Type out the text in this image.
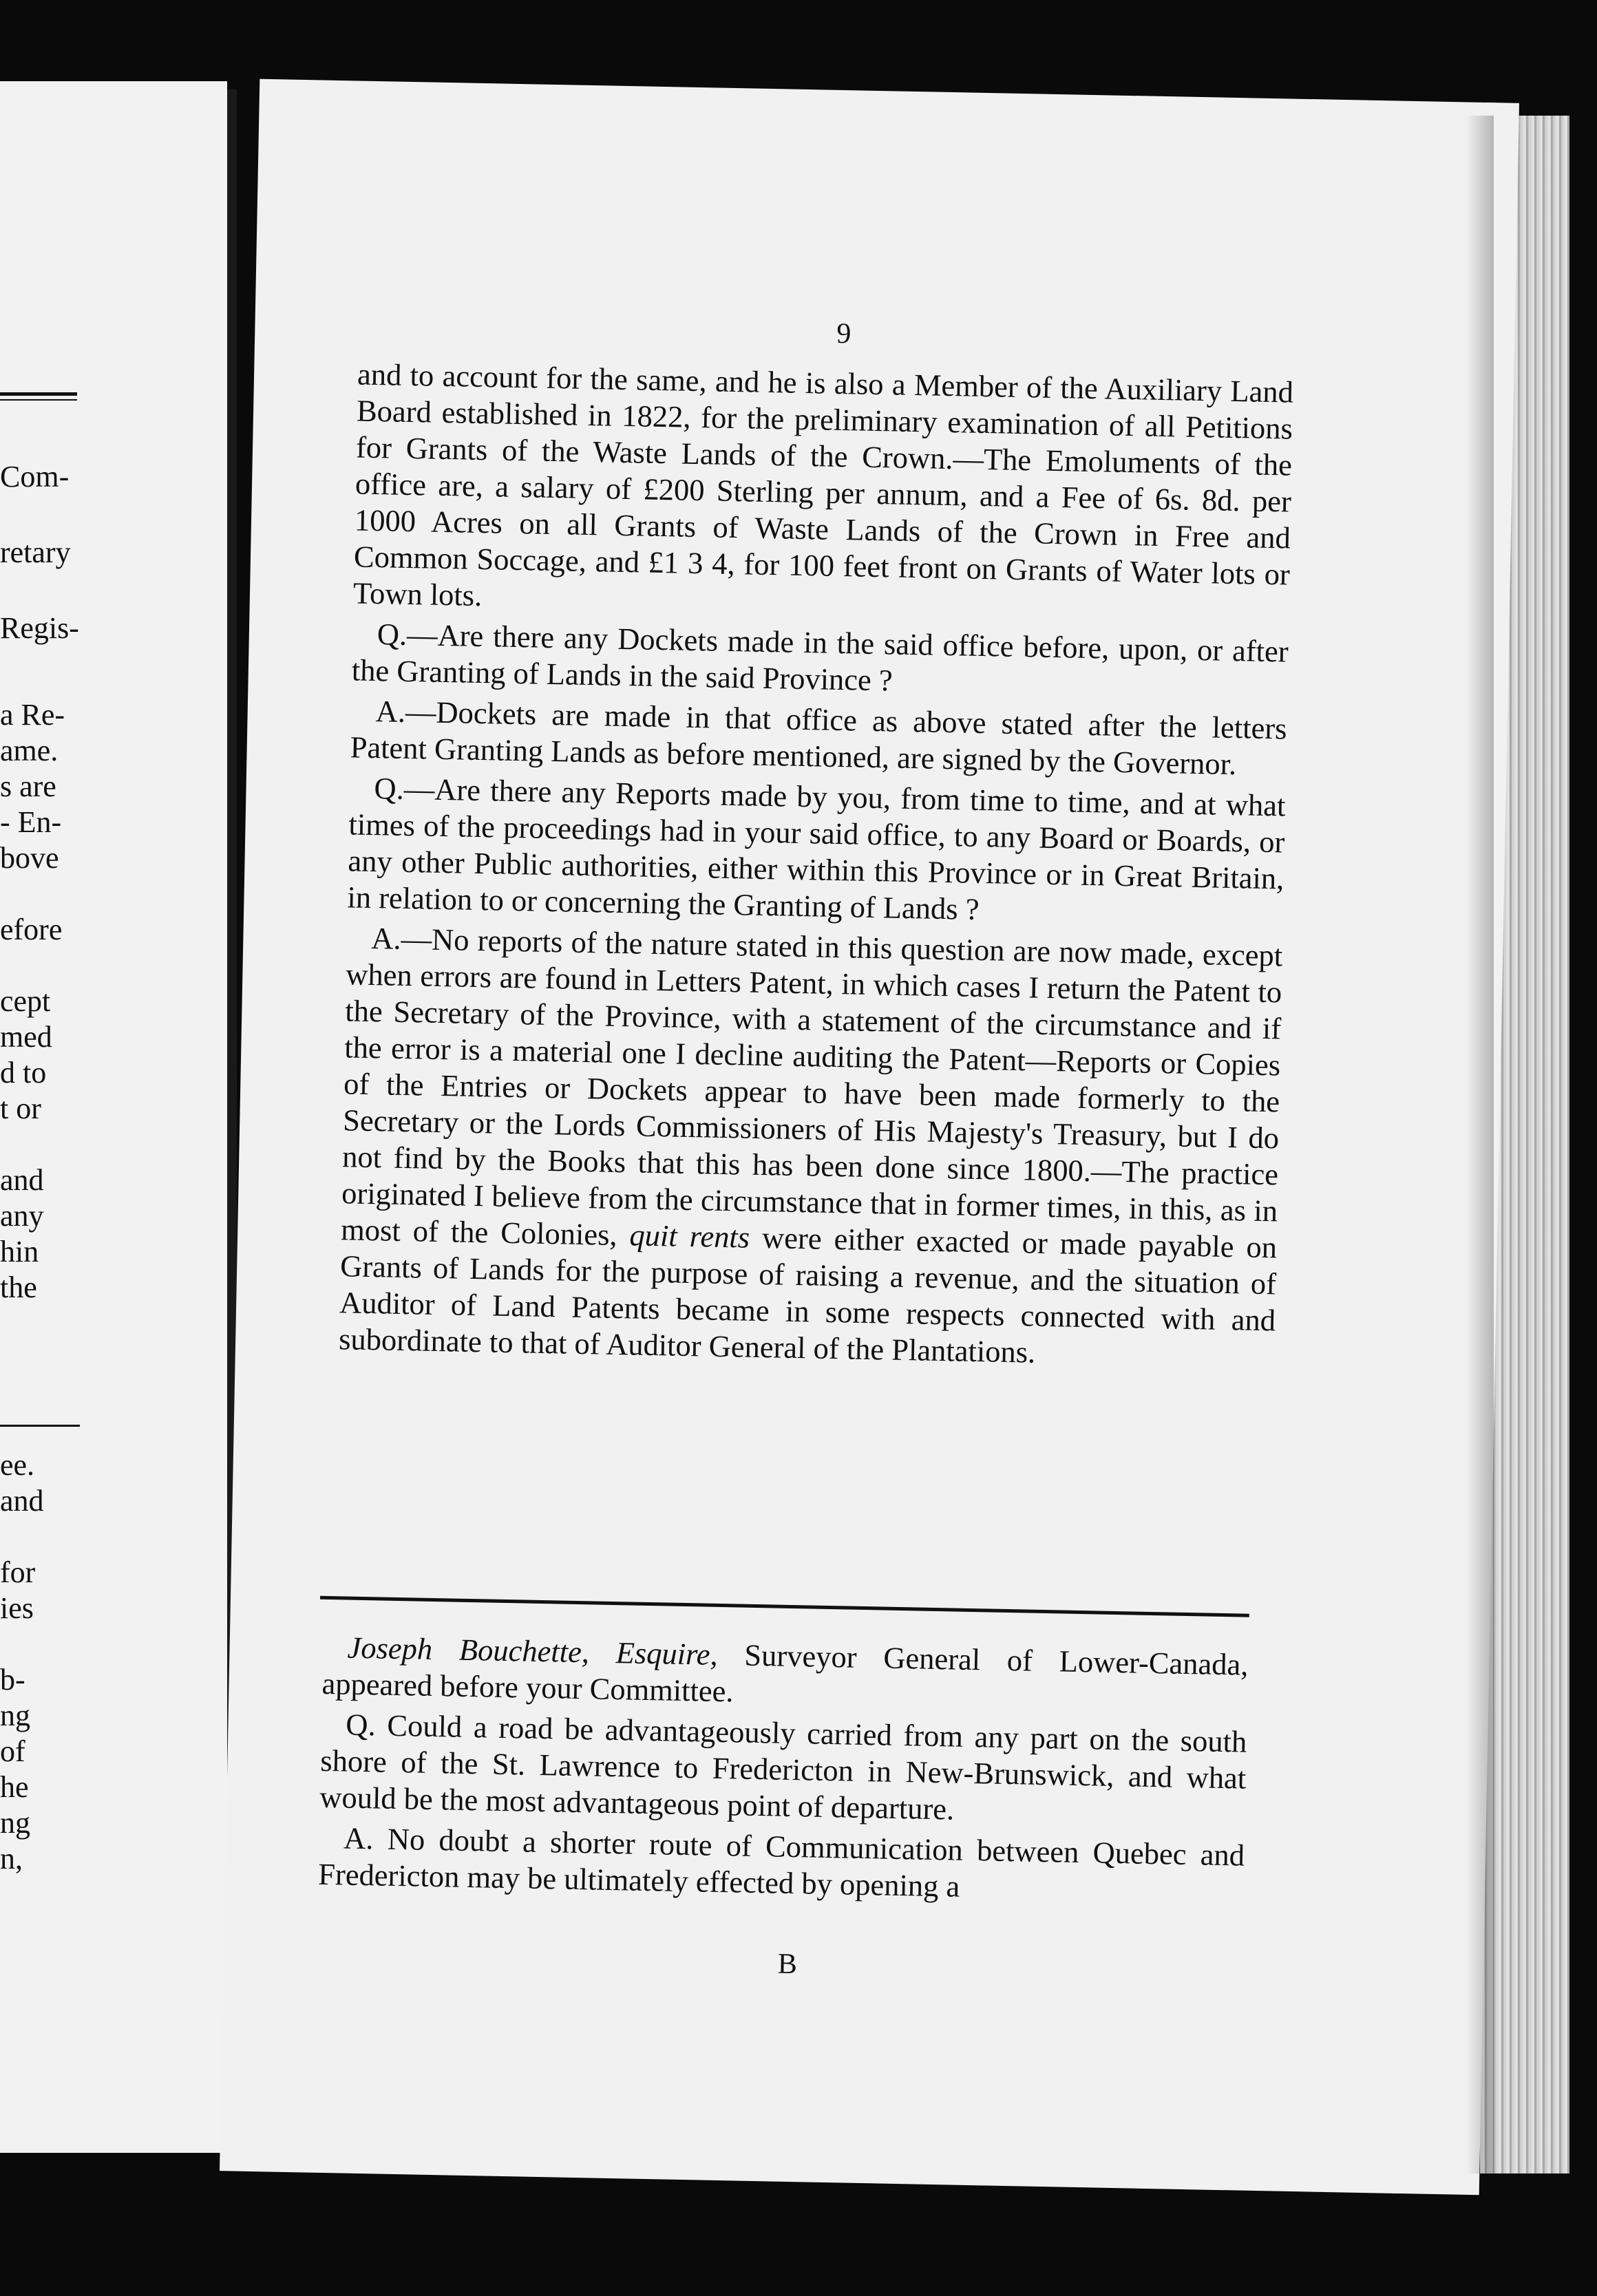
Com-
retary
Regis-
a Re-
ame.
s are
- En-
bove
efore
cept
med
d to
t or
and
any
hin
the
ee.
and
for
ies
b-
ng
of
he
ng
n,
9

and to account for the same, and he is also a Member of the Auxiliary Land Board established in 1822, for the preliminary examination of all Petitions for Grants of the Waste Lands of the Crown.—The Emoluments of the office are, a salary of £200 Sterling per annum, and a Fee of 6s. 8d. per 1000 Acres on all Grants of Waste Lands of the Crown in Free and Common Soccage, and £1 3 4, for 100 feet front on Grants of Water lots or Town lots.

Q.—Are there any Dockets made in the said office before, upon, or after the Granting of Lands in the said Province ?

A.—Dockets are made in that office as above stated after the letters Patent Granting Lands as before mentioned, are signed by the Governor.

Q.—Are there any Reports made by you, from time to time, and at what times of the proceedings had in your said office, to any Board or Boards, or any other Public authorities, either within this Province or in Great Britain, in relation to or concerning the Granting of Lands ?

A.—No reports of the nature stated in this question are now made, except when errors are found in Letters Patent, in which cases I return the Patent to the Secretary of the Province, with a statement of the circumstance and if the error is a material one I decline auditing the Patent—Reports or Copies of the Entries or Dockets appear to have been made formerly to the Secretary or the Lords Commissioners of His Majesty's Treasury, but I do not find by the Books that this has been done since 1800.—The practice originated I believe from the circumstance that in former times, in this, as in most of the Colonies, quit rents were either exacted or made payable on Grants of Lands for the purpose of raising a revenue, and the situation of Auditor of Land Patents became in some respects connected with and subordinate to that of Auditor General of the Plantations.

Joseph Bouchette, Esquire, Surveyor General of Lower-Canada, appeared before your Committee.

Q. Could a road be advantageously carried from any part on the south shore of the St. Lawrence to Fredericton in New-Brunswick, and what would be the most advantageous point of departure.

A. No doubt a shorter route of Communication between Quebec and Fredericton may be ultimately effected by opening a

B
